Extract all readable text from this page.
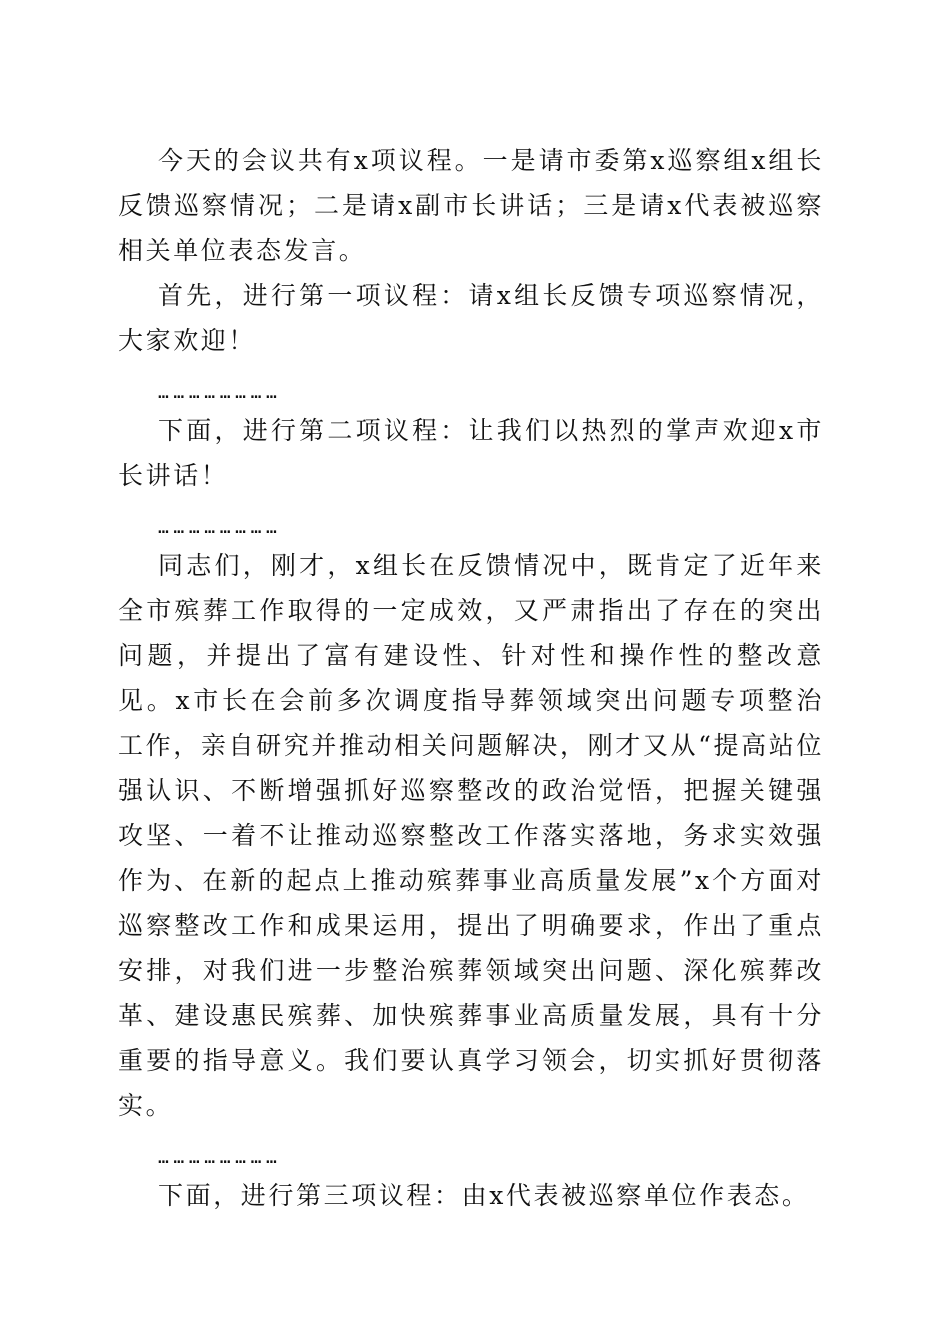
今天的会议共有x项议程。一是请市委第x巡察组x组长反馈巡察情况；二是请x副市长讲话；三是请x代表被巡察相关单位表态发言。

首先，进行第一项议程：请x组长反馈专项巡察情况，大家欢迎！

……………………

下面，进行第二项议程：让我们以热烈的掌声欢迎x市长讲话！

……………………

同志们，刚才，x组长在反馈情况中，既肯定了近年来全市殡葬工作取得的一定成效，又严肃指出了存在的突出问题，并提出了富有建设性、针对性和操作性的整改意见。x市长在会前多次调度指导葬领域突出问题专项整治工作，亲自研究并推动相关问题解决，刚才又从“提高站位强认识、不断增强抓好巡察整改的政治觉悟，把握关键强攻坚、一着不让推动巡察整改工作落实落地，务求实效强作为、在新的起点上推动殡葬事业高质量发展”x个方面对巡察整改工作和成果运用，提出了明确要求，作出了重点安排，对我们进一步整治殡葬领域突出问题、深化殡葬改革、建设惠民殡葬、加快殡葬事业高质量发展，具有十分重要的指导意义。我们要认真学习领会，切实抓好贯彻落实。

……………………

下面，进行第三项议程：由x代表被巡察单位作表态。
